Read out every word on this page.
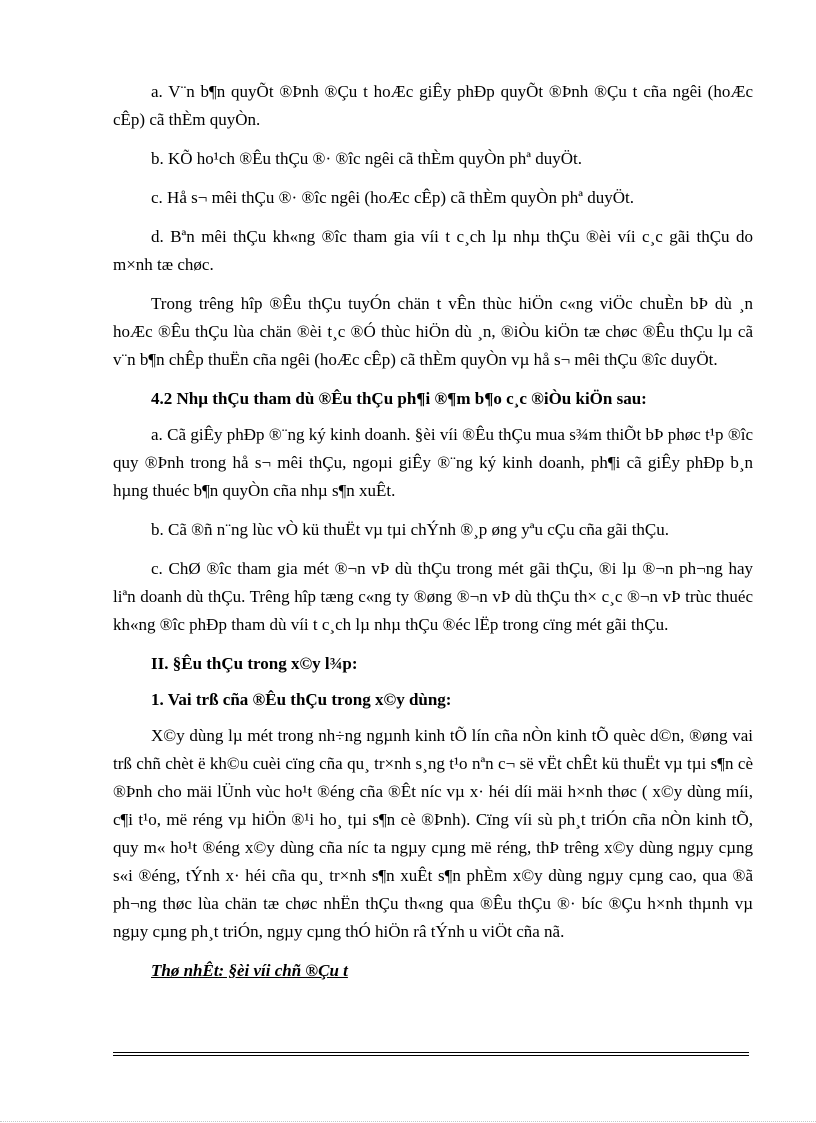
a. V¨n b¶n quyÕt ®Þnh ®Çu t hoÆc giÊy phÐp quyÕt ®Þnh ®Çu t cña ngêi (hoÆc cÊp) cã thÈm quyÒn.

b. KÕ ho¹ch ®Êu thÇu ®· ®îc ngêi cã thÈm quyÒn phª duyÖt.

c. Hå s¬ mêi thÇu ®· ®îc ngêi (hoÆc cÊp) cã thÈm quyÒn phª duyÖt.

d. Bªn mêi thÇu kh«ng ®îc tham gia víi t c¸ch lµ nhµ thÇu ®èi víi c¸c gãi thÇu do m×nh tæ chøc.

Trong trêng hîp ®Êu thÇu tuyÓn chän t vÊn thùc hiÖn c«ng viÖc chuÈn bÞ dù ¸n hoÆc ®Êu thÇu lùa chän ®èi t¸c ®Ó thùc hiÖn dù ¸n, ®iÒu kiÖn tæ chøc ®Êu thÇu lµ cã v¨n b¶n chÊp thuËn cña ngêi (hoÆc cÊp) cã thÈm quyÒn vµ hå s¬ mêi thÇu ®îc duyÖt.

4.2 Nhµ thÇu tham dù ®Êu thÇu ph¶i ®¶m b¶o c¸c ®iÒu kiÖn sau:

a. Cã giÊy phÐp ®¨ng ký kinh doanh. §èi víi ®Êu thÇu mua s¾m thiÕt bÞ phøc t¹p ®îc quy ®Þnh trong hå s¬ mêi thÇu, ngoµi giÊy ®¨ng ký kinh doanh, ph¶i cã giÊy phÐp b¸n hµng thuéc b¶n quyÒn cña nhµ s¶n xuÊt.

b. Cã ®ñ n¨ng lùc vÒ kü thuËt vµ tµi chÝnh ®¸p øng yªu cÇu cña gãi thÇu.

c. ChØ ®îc tham gia mét ®¬n vÞ dù thÇu trong mét gãi thÇu, ®i lµ ®¬n ph¬ng hay liªn doanh dù thÇu. Trêng hîp tæng c«ng ty ®øng ®¬n vÞ dù thÇu th× c¸c ®¬n vÞ trùc thuéc kh«ng ®îc phÐp tham dù víi t c¸ch lµ nhµ thÇu ®éc lËp trong cïng mét gãi thÇu.

II. §Êu thÇu trong x©y l¾p:

1. Vai trß cña ®Êu thÇu trong x©y dùng:

X©y dùng lµ mét trong nh÷ng ngµnh kinh tÕ lín cña nÒn kinh tÕ quèc d©n, ®øng vai trß chñ chèt ë kh©u cuèi cïng cña qu¸ tr×nh s¸ng t¹o nªn c¬ së vËt chÊt kü thuËt vµ tµi s¶n cè ®Þnh cho mäi lÜnh vùc ho¹t ®éng cña ®Êt níc vµ x· héi díi mäi h×nh thøc ( x©y dùng míi, c¶i t¹o, më réng vµ hiÖn ®¹i ho¸ tµi s¶n cè ®Þnh). Cïng víi sù ph¸t triÓn cña nÒn kinh tÕ, quy m« ho¹t ®éng x©y dùng cña níc ta ngµy cµng më réng, thÞ trêng x©y dùng ngµy cµng s«i ®éng, tÝnh x· héi cña qu¸ tr×nh s¶n xuÊt s¶n phÈm x©y dùng ngµy cµng cao, qua ®ã ph¬ng thøc lùa chän tæ chøc nhËn thÇu th«ng qua ®Êu thÇu ®· bíc ®Çu h×nh thµnh vµ ngµy cµng ph¸t triÓn, ngµy cµng thÓ hiÖn râ tÝnh u viÖt cña nã.

Thø nhÊt: §èi víi chñ ®Çu t
